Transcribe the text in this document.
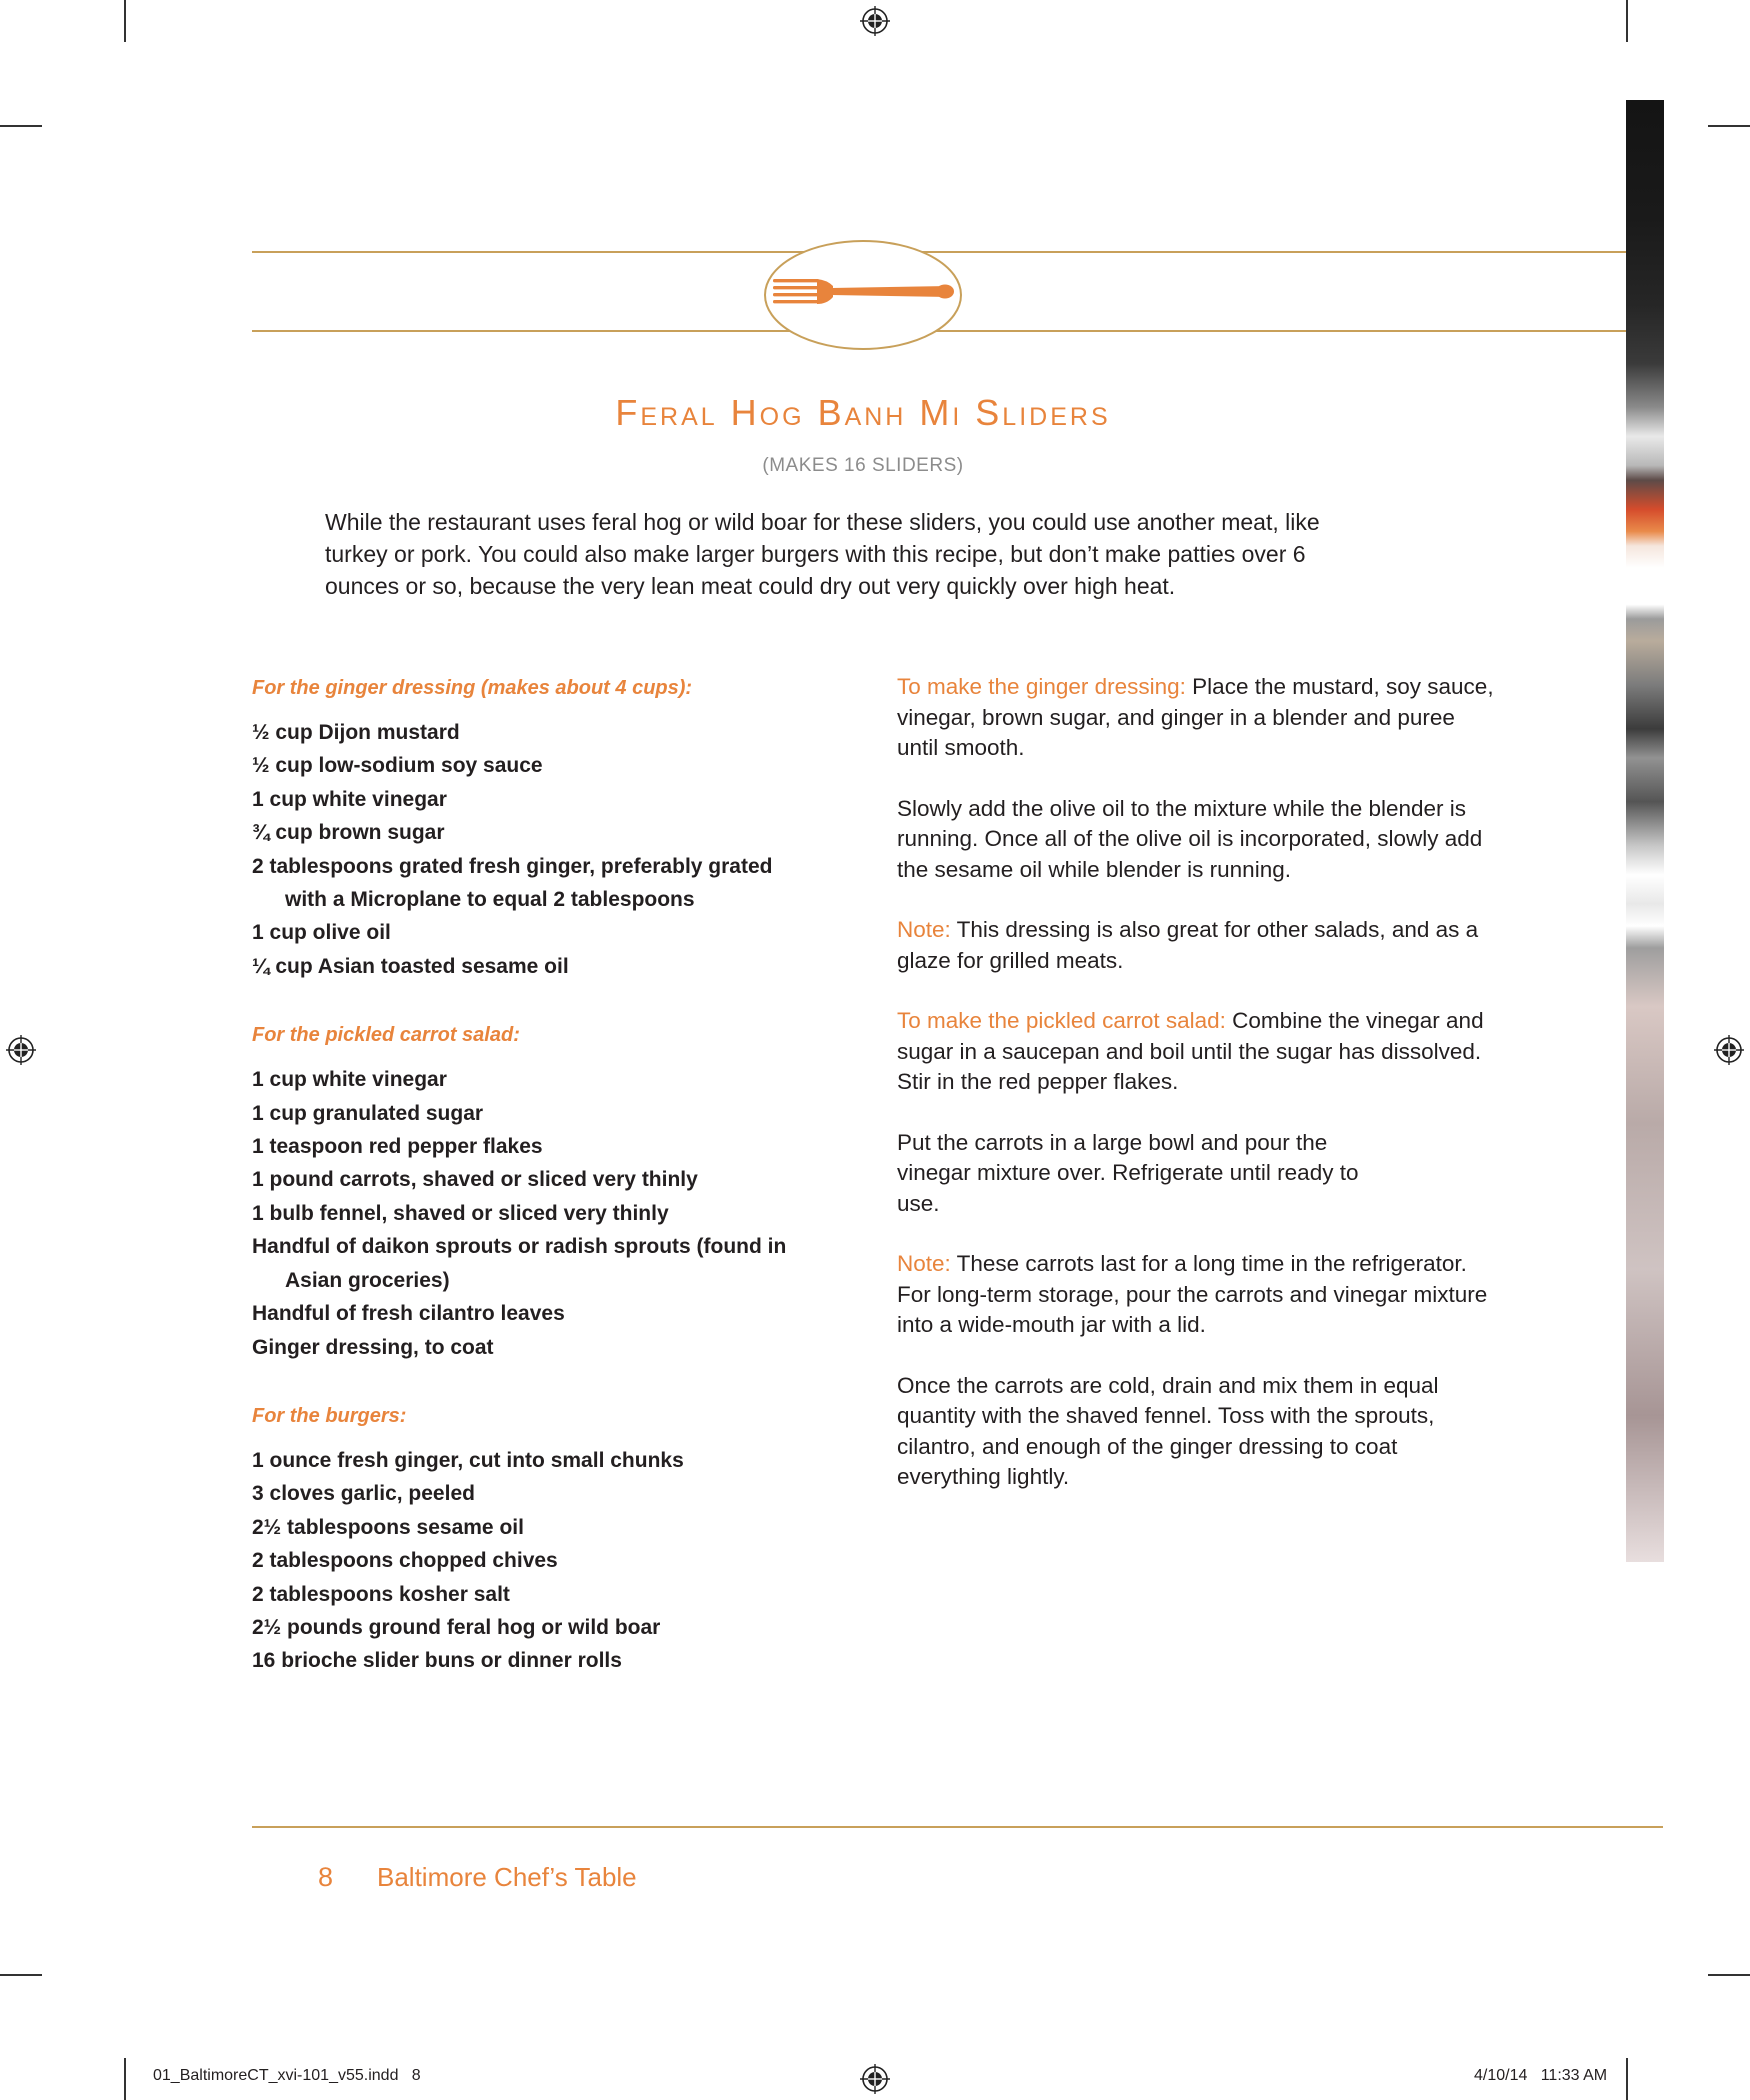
Feral Hog Banh Mi Sliders
(MAKES 16 SLIDERS)

While the restaurant uses feral hog or wild boar for these sliders, you could use another meat, like turkey or pork. You could also make larger burgers with this recipe, but don’t make patties over 6 ounces or so, because the very lean meat could dry out very quickly over high heat.

For the ginger dressing (makes about 4 cups):
½ cup Dijon mustard
½ cup low-sodium soy sauce
1 cup white vinegar
¾ cup brown sugar
2 tablespoons grated fresh ginger, preferably grated with a Microplane to equal 2 tablespoons
1 cup olive oil
¼ cup Asian toasted sesame oil
For the pickled carrot salad:
1 cup white vinegar
1 cup granulated sugar
1 teaspoon red pepper flakes
1 pound carrots, shaved or sliced very thinly
1 bulb fennel, shaved or sliced very thinly
Handful of daikon sprouts or radish sprouts (found in Asian groceries)
Handful of fresh cilantro leaves
Ginger dressing, to coat
For the burgers:
1 ounce fresh ginger, cut into small chunks
3 cloves garlic, peeled
2½ tablespoons sesame oil
2 tablespoons chopped chives
2 tablespoons kosher salt
2½ pounds ground feral hog or wild boar
16 brioche slider buns or dinner rolls

To make the ginger dressing: Place the mustard, soy sauce, vinegar, brown sugar, and ginger in a blender and puree until smooth.

Slowly add the olive oil to the mixture while the blender is running. Once all of the olive oil is incorporated, slowly add the sesame oil while blender is running.

Note: This dressing is also great for other salads, and as a glaze for grilled meats.

To make the pickled carrot salad: Combine the vinegar and sugar in a saucepan and boil until the sugar has dissolved. Stir in the red pepper flakes.

Put the carrots in a large bowl and pour the vinegar mixture over. Refrigerate until ready to use.

Note: These carrots last for a long time in the refrigerator. For long-term storage, pour the carrots and vinegar mixture into a wide-mouth jar with a lid.

Once the carrots are cold, drain and mix them in equal quantity with the shaved fennel. Toss with the sprouts, cilantro, and enough of the ginger dressing to coat everything lightly.

8 Baltimore Chef’s Table
01_BaltimoreCT_xvi-101_v55.indd   8	4/10/14   11:33 AM
